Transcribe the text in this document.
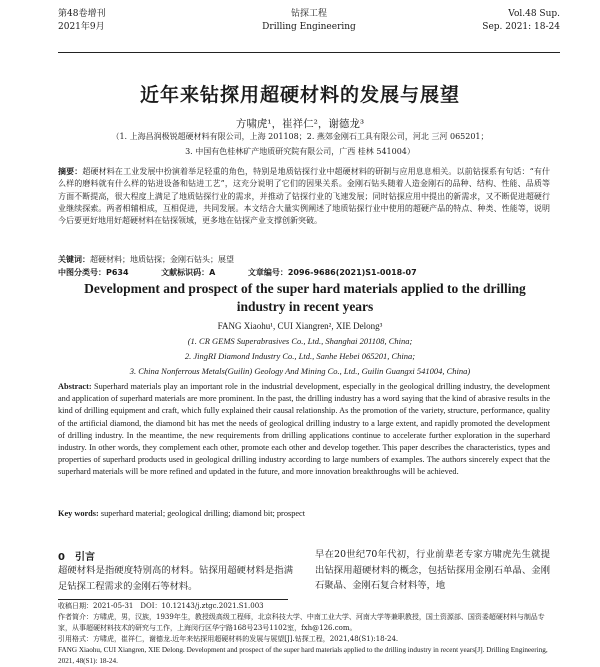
第48卷增刊
2021年9月
钻探工程
Drilling Engineering
Vol.48 Sup.
Sep. 2021: 18-24
近年来钻探用超硬材料的发展与展望
方啸虎¹，崔祥仁²，谢德龙³
（1. 上海昌润极锐超硬材料有限公司，上海 201108；2. 燕郊金刚石工具有限公司，河北 三河 065201；
3. 中国有色桂林矿产地质研究院有限公司，广西 桂林 541004）
摘要：超硬材料在工业发展中扮演着举足轻重的角色，特别是地质钻探行业中超硬材料的研制与应用息息相关。以前钻探系有句话：“有什么样的磨料就有什么样的钻进设备和钻进工艺”，这充分说明了它们的因果关系。金刚石钻头随着人造金刚石的品种、结构、性能、品质等方面不断提高，很大程度上满足了地质钻探行业的需求，并推动了钻探行业的飞速发展；同时钻探应用中提出的新需求，又不断促进超硬行业继续探索。两者相辅相成，互相促进，共同发展。本文结合大量实例阐述了地质钻探行业中使用的超硬产品的特点、种类、性能等，说明今后要更好地用好超硬材料在钻探领域，更多地在钻探产业支撑创新突破。
关键词：超硬材料；地质钻探；金刚石钻头；展望
中图分类号：P634	文献标识码：A	文章编号：2096-9686(2021)S1-0018-07
Development and prospect of the super hard materials applied to the drilling industry in recent years
FANG Xiaohu¹, CUI Xiangren², XIE Delong³
(1. CR GEMS Superabrasives Co., Ltd., Shanghai 201108, China;
2. JingRI Diamond Industry Co., Ltd., Sanhe Hebei 065201, China;
3. China Nonferrous Metals(Guilin) Geology And Mining Co., Ltd., Guilin Guangxi 541004, China)
Abstract: Superhard materials play an important role in the industrial development, especially in the geological drilling industry, the development and application of superhard materials are more prominent. In the past, the drilling industry has a word saying that the kind of abrasive results in the kind of drilling equipment and craft, which fully explained their causal relationship. As the promotion of the variety, structure, performance, quality of the artificial diamond, the diamond bit has met the needs of geological drilling industry to a large extent, and rapidly promoted the development of drilling industry. In the meantime, the new requirements from drilling applications continue to accelerate further exploration in the superhard industry. In other words, they complement each other, promote each other and develop together. This paper describes the characteristics, types and properties of superhard products used in geological drilling industry according to large numbers of examples. The authors sincerely expect that the superhard materials will be more refined and updated in the future, and more innovation breakthroughs will be achieved.
Key words: superhard material; geological drilling; diamond bit; prospect
0　引言
超硬材料是指硬度特别高的材料。钻探用超硬材料是指满足钻探工程需求的金刚石等材料。
早在20世纪70年代初，行业前辈老专家方啸虎先生就提出钻探用超硬材料的概念，包括钻探用金刚石单晶、金刚石聚晶、金刚石复合材料等，地

收稿日期：2021-05-31　DOI：10.12143/j.ztgc.2021.S1.003

作者简介：方啸虎，男，汉族，1939年生，教授级高级工程师，北京科技大学、中南工业大学、河南大学等兼职教授，国土资源部、国资委超硬材料与制品专家，从事超硬材料技术的研究与工作，上海闵行区华宁路168号23号1102室，fxh@126.com。

引用格式：方啸虎，崔祥仁，谢德龙.近年来钻探用超硬材料的发展与展望[J].钻探工程，2021,48(S1):18-24.

FANG Xiaohu, CUI Xiangren, XIE Delong. Development and prospect of the super hard materials applied to the drilling industry in recent years[J]. Drilling Engineering, 2021, 48(S1): 18-24.
